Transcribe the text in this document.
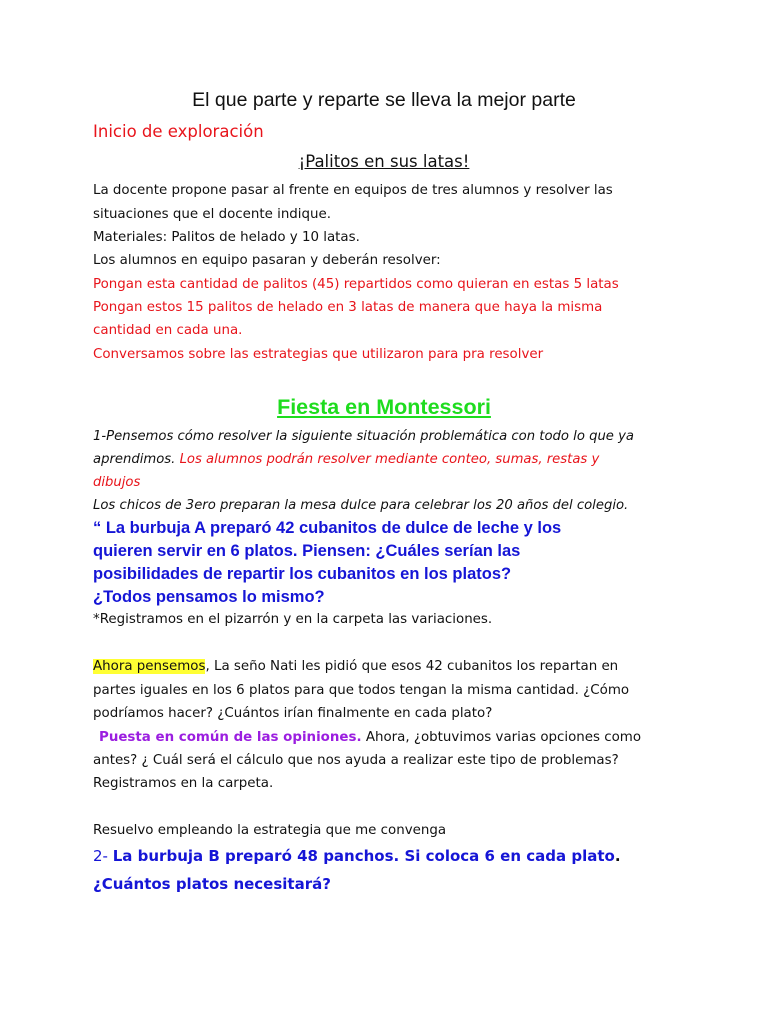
El que parte y reparte se lleva la mejor parte
Inicio de exploración
¡Palitos en sus latas!
La docente propone pasar al frente en equipos de tres alumnos y resolver las
situaciones que el docente indique.
Materiales: Palitos de helado y 10 latas.
Los alumnos en equipo pasaran y deberán resolver:
Pongan esta cantidad de palitos (45) repartidos como quieran en estas 5 latas
Pongan estos 15 palitos de helado en 3 latas de manera que haya la misma
cantidad en cada una.
Conversamos sobre las estrategias que utilizaron para pra resolver
Fiesta en Montessori
1-Pensemos cómo resolver la siguiente situación problemática con todo lo que ya
aprendimos. Los alumnos podrán resolver mediante conteo, sumas, restas y
dibujos
Los chicos de 3ero preparan la mesa dulce para celebrar los 20 años del colegio.
“ La burbuja A preparó 42 cubanitos de dulce de leche y los
quieren servir en 6 platos. Piensen: ¿Cuáles serían las
posibilidades de repartir los cubanitos en los platos?
¿Todos pensamos lo mismo?
*Registramos en el pizarrón y en la carpeta las variaciones.
Ahora pensemos, La seño Nati les pidió que esos 42 cubanitos los repartan en
partes iguales en los 6 platos para que todos tengan la misma cantidad. ¿Cómo
podríamos hacer? ¿Cuántos irían finalmente en cada plato?
Puesta en común de las opiniones. Ahora, ¿obtuvimos varias opciones como
antes? ¿ Cuál será el cálculo que nos ayuda a realizar este tipo de problemas?
Registramos en la carpeta.
Resuelvo empleando la estrategia que me convenga
2- La burbuja B preparó 48 panchos. Si coloca 6 en cada plato.
¿Cuántos platos necesitará?
